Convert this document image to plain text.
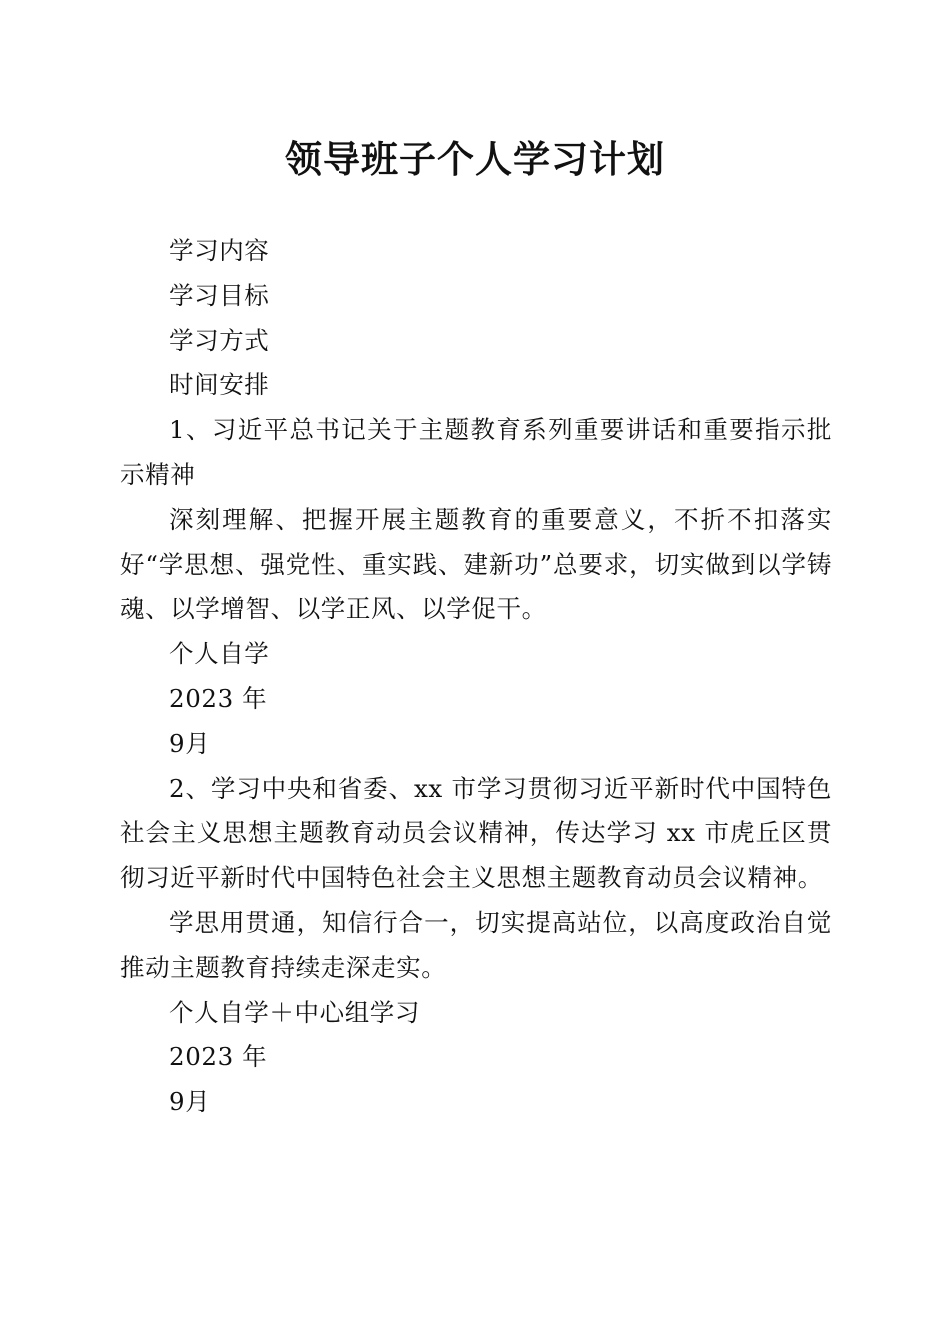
领导班子个人学习计划

学习内容

学习目标

学习方式

时间安排

1、习近平总书记关于主题教育系列重要讲话和重要指示批示精神

深刻理解、把握开展主题教育的重要意义，不折不扣落实好“学思想、强党性、重实践、建新功”总要求，切实做到以学铸魂、以学增智、以学正风、以学促干。

个人自学

2023 年

9月

2、学习中央和省委、xx 市学习贯彻习近平新时代中国特色社会主义思想主题教育动员会议精神，传达学习 xx 市虎丘区贯彻习近平新时代中国特色社会主义思想主题教育动员会议精神。

学思用贯通，知信行合一，切实提高站位，以高度政治自觉推动主题教育持续走深走实。

个人自学＋中心组学习

2023 年

9月
